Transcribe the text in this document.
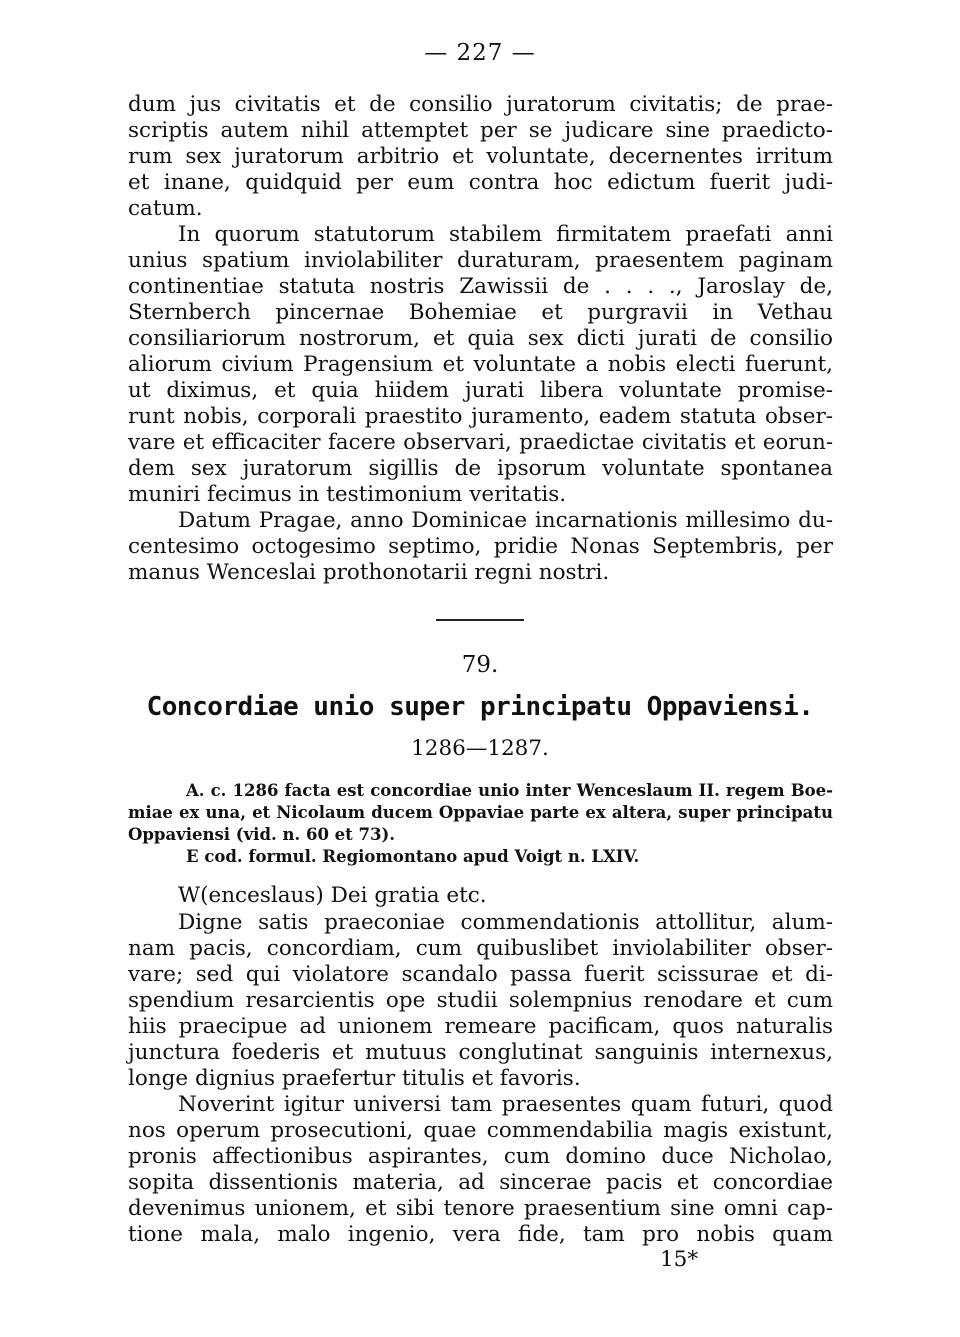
— 227 —
dum jus civitatis et de consilio juratorum civitatis; de prae-
scriptis autem nihil attemptet per se judicare sine praedicto-
rum sex juratorum arbitrio et voluntate, decernentes irritum
et inane, quidquid per eum contra hoc edictum fuerit judi-
catum.
In quorum statutorum stabilem firmitatem praefati anni
unius spatium inviolabiliter duraturam, praesentem paginam
continentiae statuta nostris Zawissii de . . . ., Jaroslay de,
Sternberch pincernae Bohemiae et purgravii in Vethau
consiliariorum nostrorum, et quia sex dicti jurati de consilio
aliorum civium Pragensium et voluntate a nobis electi fuerunt,
ut diximus, et quia hiidem jurati libera voluntate promise-
runt nobis, corporali praestito juramento, eadem statuta obser-
vare et efficaciter facere observari, praedictae civitatis et eorun-
dem sex juratorum sigillis de ipsorum voluntate spontanea
muniri fecimus in testimonium veritatis.
Datum Pragae, anno Dominicae incarnationis millesimo du-
centesimo octogesimo septimo, pridie Nonas Septembris, per
manus Wenceslai prothonotarii regni nostri.
79.
Concordiae unio super principatu Oppaviensi.
1286—1287.
A. c. 1286 facta est concordiae unio inter Wenceslaum II. regem Boe-
miae ex una, et Nicolaum ducem Oppaviae parte ex altera, super principatu
Oppaviensi (vid. n. 60 et 73).
E cod. formul. Regiomontano apud Voigt n. LXIV.
W(enceslaus) Dei gratia etc.
Digne satis praeconiae commendationis attollitur, alum-
nam pacis, concordiam, cum quibuslibet inviolabiliter obser-
vare; sed qui violatore scandalo passa fuerit scissurae et di-
spendium resarcientis ope studii solempnius renodare et cum
hiis praecipue ad unionem remeare pacificam, quos naturalis
junctura foederis et mutuus conglutinat sanguinis internexus,
longe dignius praefertur titulis et favoris.
Noverint igitur universi tam praesentes quam futuri, quod
nos operum prosecutioni, quae commendabilia magis existunt,
pronis affectionibus aspirantes, cum domino duce Nicholao,
sopita dissentionis materia, ad sincerae pacis et concordiae
devenimus unionem, et sibi tenore praesentium sine omni cap-
tione mala, malo ingenio, vera fide, tam pro nobis quam
15*
